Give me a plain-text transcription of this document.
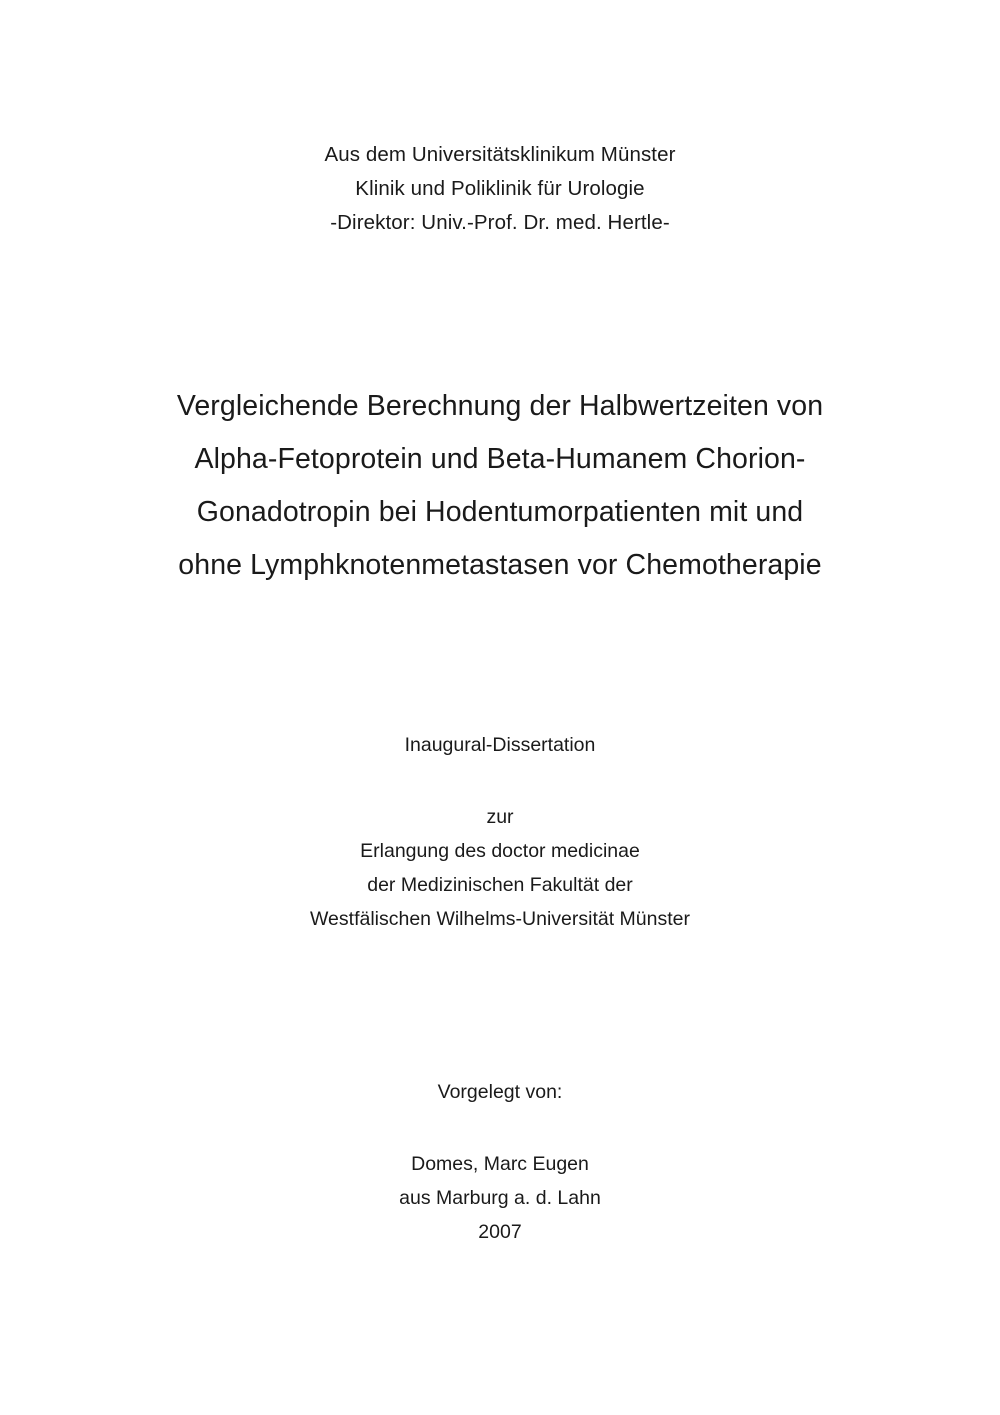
Aus dem Universitätsklinikum Münster
Klinik und Poliklinik für Urologie
-Direktor: Univ.-Prof. Dr. med. Hertle-
Vergleichende Berechnung der Halbwertzeiten von
Alpha-Fetoprotein und Beta-Humanem Chorion-
Gonadotropin bei Hodentumorpatienten mit und
ohne Lymphknotenmetastasen vor Chemotherapie
Inaugural-Dissertation
zur
Erlangung des doctor medicinae
der Medizinischen Fakultät der
Westfälischen Wilhelms-Universität Münster
Vorgelegt von:
Domes, Marc Eugen
aus Marburg a. d. Lahn
2007
